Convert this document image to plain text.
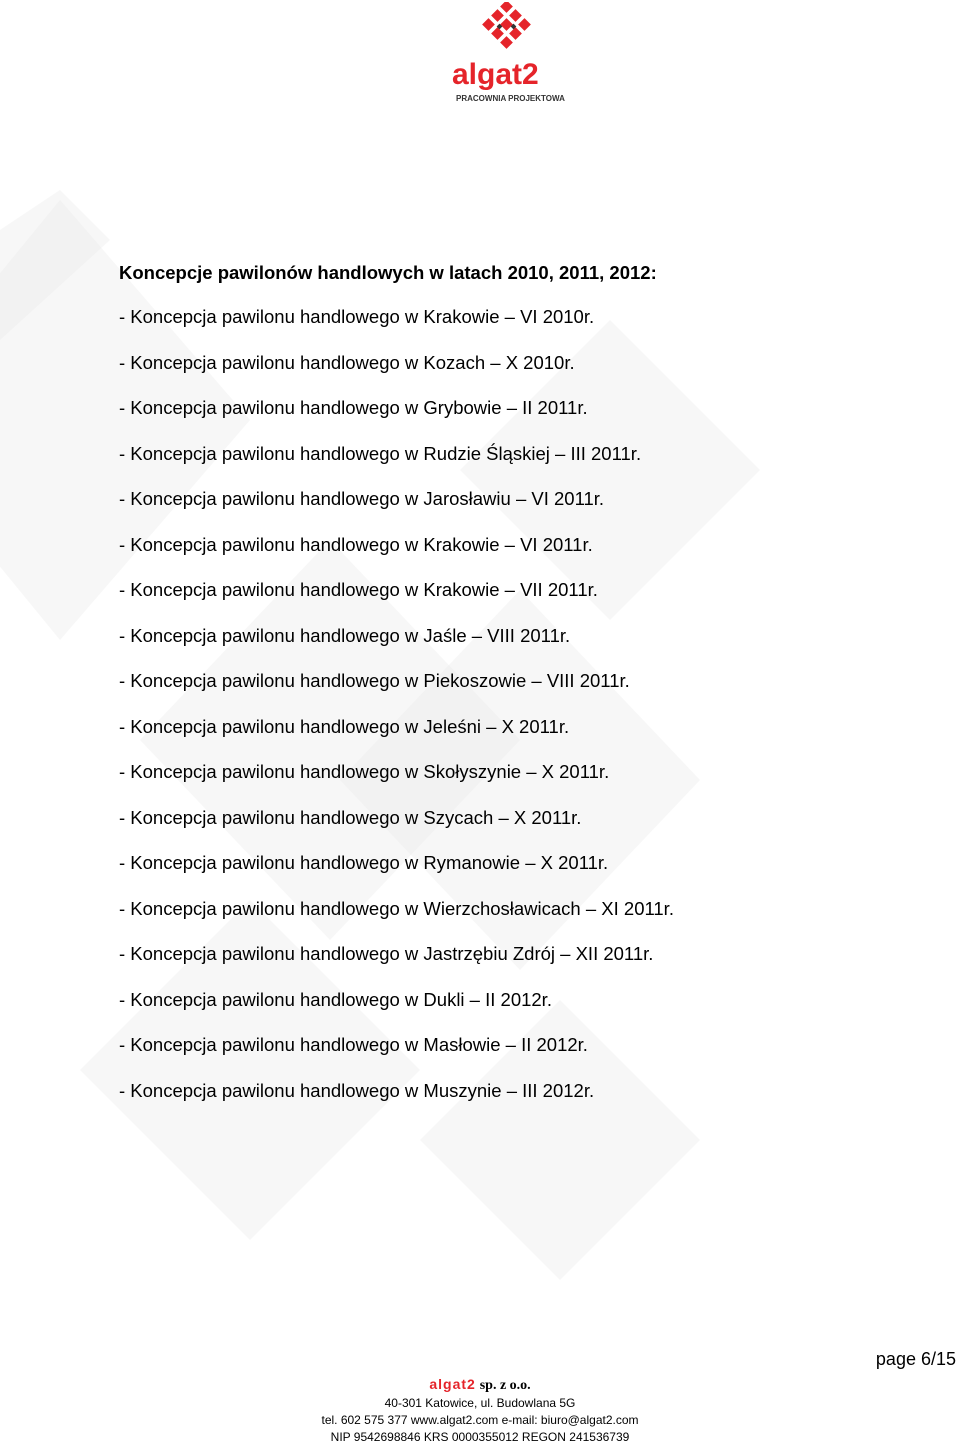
algat2
PRACOWNIA PROJEKTOWA
Koncepcje pawilonów handlowych w latach 2010, 2011, 2012:
- Koncepcja pawilonu handlowego w Krakowie – VI 2010r.
- Koncepcja pawilonu handlowego w Kozach – X 2010r.
- Koncepcja pawilonu handlowego w Grybowie – II 2011r.
- Koncepcja pawilonu handlowego w Rudzie Śląskiej – III 2011r.
- Koncepcja pawilonu handlowego w Jarosławiu – VI 2011r.
- Koncepcja pawilonu handlowego w Krakowie – VI 2011r.
- Koncepcja pawilonu handlowego w Krakowie – VII 2011r.
- Koncepcja pawilonu handlowego w Jaśle – VIII 2011r.
- Koncepcja pawilonu handlowego w Piekoszowie – VIII 2011r.
- Koncepcja pawilonu handlowego w Jeleśni – X 2011r.
- Koncepcja pawilonu handlowego w Skołyszynie – X 2011r.
- Koncepcja pawilonu handlowego w Szycach – X 2011r.
- Koncepcja pawilonu handlowego w Rymanowie – X 2011r.
- Koncepcja pawilonu handlowego w Wierzchosławicach – XI 2011r.
- Koncepcja pawilonu handlowego w Jastrzębiu Zdrój – XII 2011r.
- Koncepcja pawilonu handlowego w Dukli – II 2012r.
- Koncepcja pawilonu handlowego w Masłowie – II 2012r.
- Koncepcja pawilonu handlowego w Muszynie – III 2012r.
page 6/15
algat2 sp. z o.o.
40-301 Katowice, ul. Budowlana 5G
tel. 602 575 377 www.algat2.com e-mail: biuro@algat2.com
NIP 9542698846 KRS 0000355012 REGON 241536739
